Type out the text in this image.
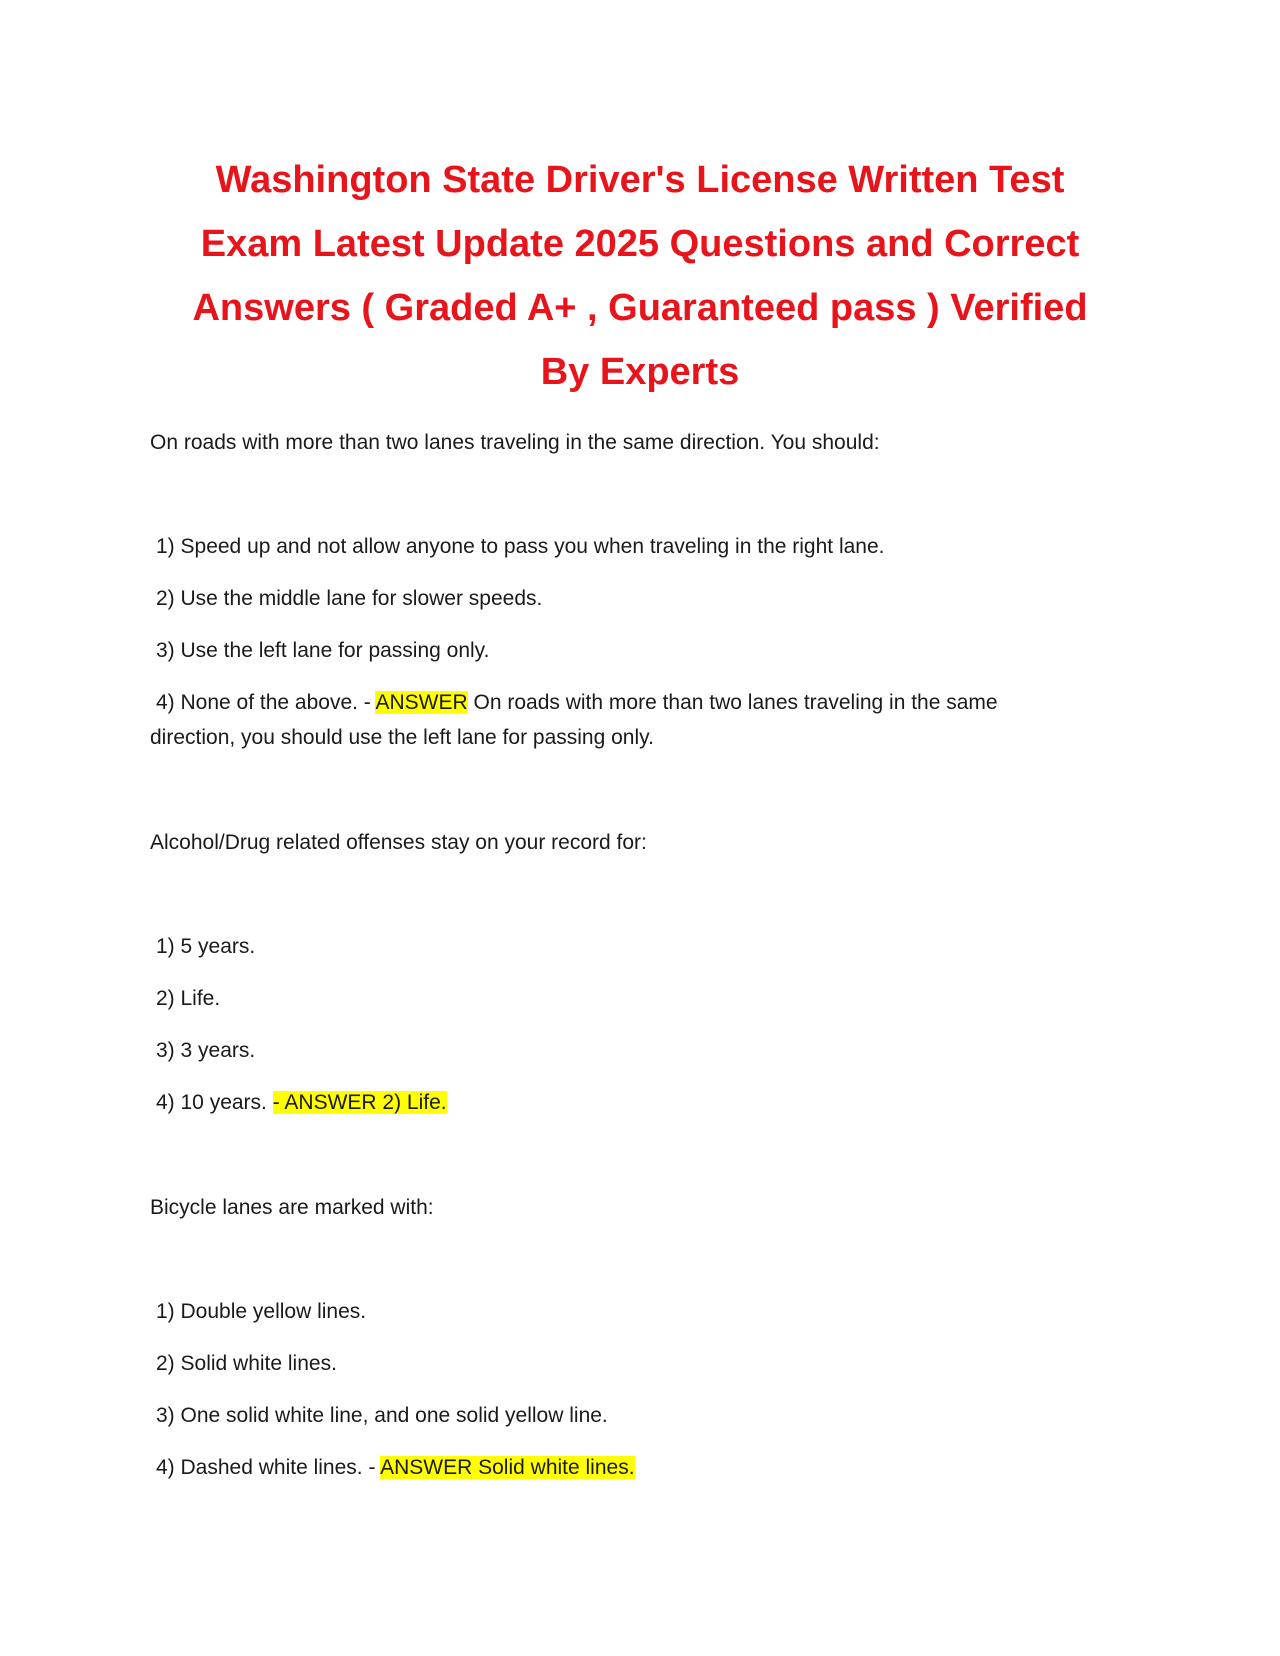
Washington State Driver's License Written Test
Exam Latest Update 2025 Questions and Correct
Answers ( Graded A+ , Guaranteed pass ) Verified
By Experts

On roads with more than two lanes traveling in the same direction. You should:

1) Speed up and not allow anyone to pass you when traveling in the right lane.

2) Use the middle lane for slower speeds.

3) Use the left lane for passing only.

4) None of the above. - ANSWER On roads with more than two lanes traveling in the same

direction, you should use the left lane for passing only.

Alcohol/Drug related offenses stay on your record for:

1) 5 years.

2) Life.

3) 3 years.

4) 10 years. - ANSWER 2) Life.

Bicycle lanes are marked with:

1) Double yellow lines.

2) Solid white lines.

3) One solid white line, and one solid yellow line.

4) Dashed white lines. - ANSWER Solid white lines.
